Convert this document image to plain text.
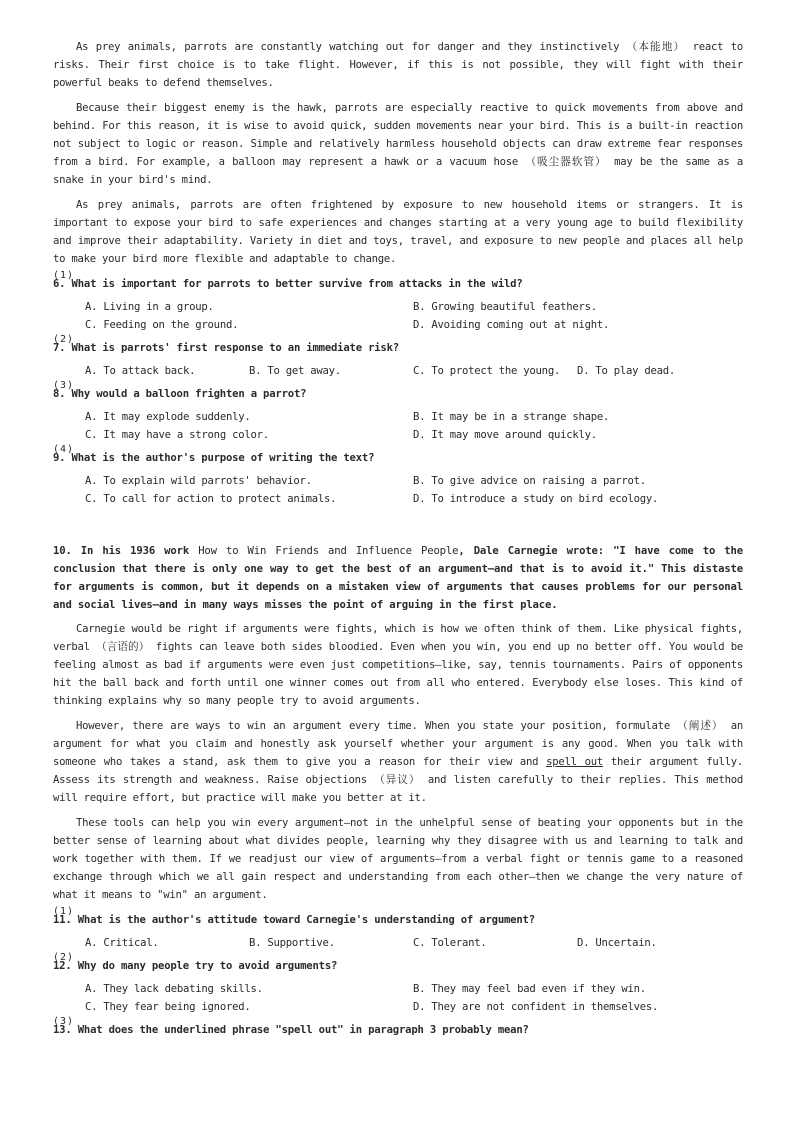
As prey animals, parrots are constantly watching out for danger and they instinctively （本能地） react to risks. Their first choice is to take flight. However, if this is not possible, they will fight with their powerful beaks to defend themselves.

Because their biggest enemy is the hawk, parrots are especially reactive to quick movements from above and behind. For this reason, it is wise to avoid quick, sudden movements near your bird. This is a built-in reaction not subject to logic or reason. Simple and relatively harmless household objects can draw extreme fear responses from a bird. For example, a balloon may represent a hawk or a vacuum hose （吸尘器软管） may be the same as a snake in your bird's mind.

As prey animals, parrots are often frightened by exposure to new household items or strangers. It is important to expose your bird to safe experiences and changes starting at a very young age to build flexibility and improve their adaptability. Variety in diet and toys, travel, and exposure to new people and places all help to make your bird more flexible and adaptable to change.

(1)
6. What is important for parrots to better survive from attacks in the wild?
A. Living in a group.	B. Growing beautiful feathers.
C. Feeding on the ground.	D. Avoiding coming out at night.
(2)
7. What is parrots' first response to an immediate risk?
A. To attack back.	B. To get away.	C. To protect the young.	D. To play dead.
(3)
8. Why would a balloon frighten a parrot?
A. It may explode suddenly.	B. It may be in a strange shape.
C. It may have a strong color.	D. It may move around quickly.
(4)
9. What is the author's purpose of writing the text?
A. To explain wild parrots' behavior.	B. To give advice on raising a parrot.
C. To call for action to protect animals.	D. To introduce a study on bird ecology.

10. In his 1936 work How to Win Friends and Influence People, Dale Carnegie wrote: "I have come to the conclusion that there is only one way to get the best of an argument—and that is to avoid it." This distaste for arguments is common, but it depends on a mistaken view of arguments that causes problems for our personal and social lives—and in many ways misses the point of arguing in the first place.

Carnegie would be right if arguments were fights, which is how we often think of them. Like physical fights, verbal （言语的） fights can leave both sides bloodied. Even when you win, you end up no better off. You would be feeling almost as bad if arguments were even just competitions—like, say, tennis tournaments. Pairs of opponents hit the ball back and forth until one winner comes out from all who entered. Everybody else loses. This kind of thinking explains why so many people try to avoid arguments.

However, there are ways to win an argument every time. When you state your position, formulate （阐述） an argument for what you claim and honestly ask yourself whether your argument is any good. When you talk with someone who takes a stand, ask them to give you a reason for their view and spell out their argument fully. Assess its strength and weakness. Raise objections （异议） and listen carefully to their replies. This method will require effort, but practice will make you better at it.

These tools can help you win every argument—not in the unhelpful sense of beating your opponents but in the better sense of learning about what divides people, learning why they disagree with us and learning to talk and work together with them. If we readjust our view of arguments—from a verbal fight or tennis game to a reasoned exchange through which we all gain respect and understanding from each other—then we change the very nature of what it means to "win" an argument.

(1)
11. What is the author's attitude toward Carnegie's understanding of argument?
A. Critical.	B. Supportive.	C. Tolerant.	D. Uncertain.
(2)
12. Why do many people try to avoid arguments?
A. They lack debating skills.	B. They may feel bad even if they win.
C. They fear being ignored.	D. They are not confident in themselves.
(3)
13. What does the underlined phrase "spell out" in paragraph 3 probably mean?
